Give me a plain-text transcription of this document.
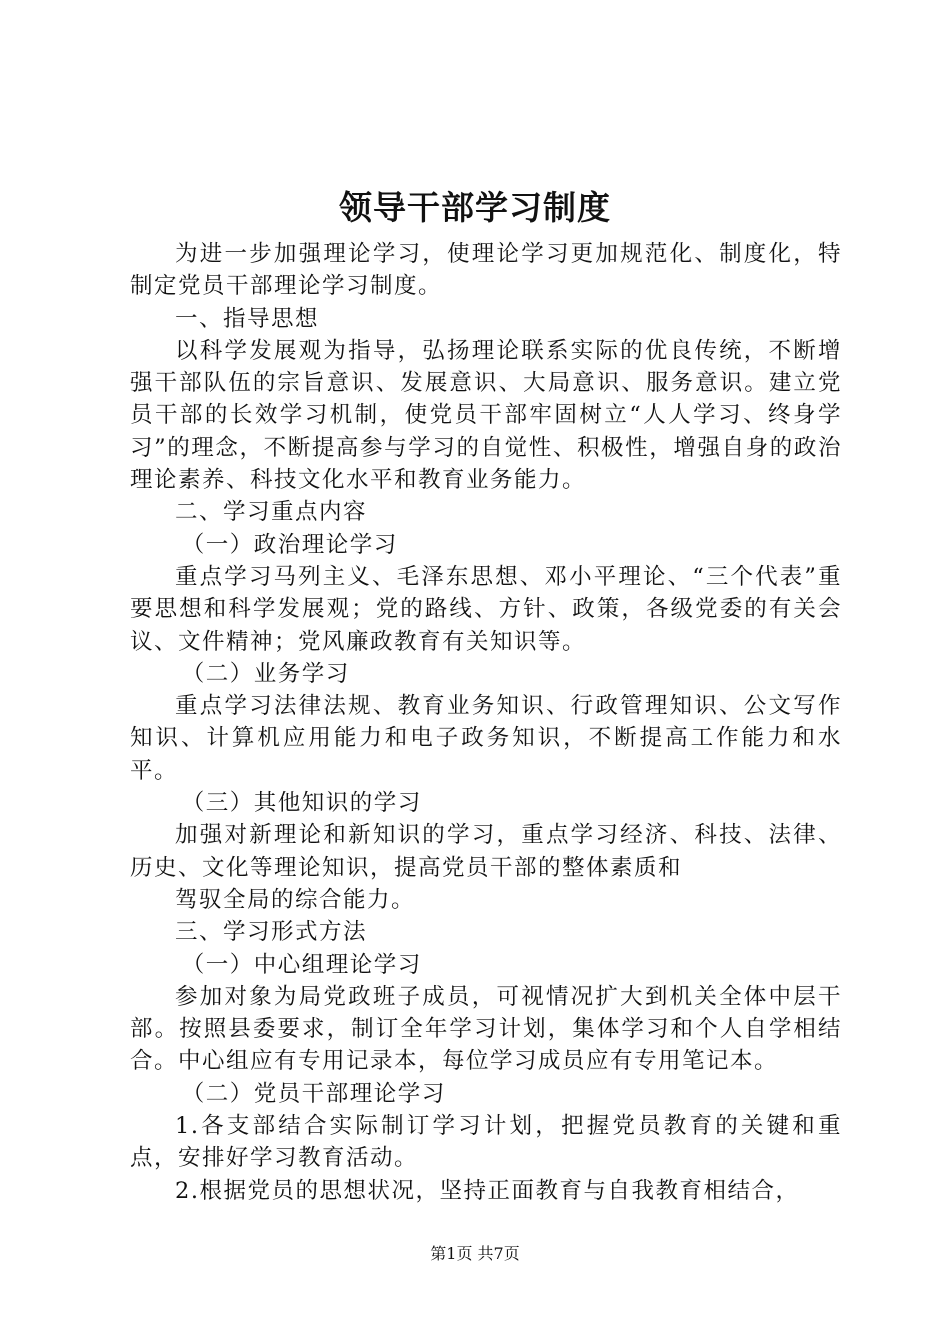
领导干部学习制度

为进一步加强理论学习，使理论学习更加规范化、制度化，特制定党员干部理论学习制度。

一、指导思想

以科学发展观为指导，弘扬理论联系实际的优良传统，不断增强干部队伍的宗旨意识、发展意识、大局意识、服务意识。建立党员干部的长效学习机制，使党员干部牢固树立“人人学习、终身学习”的理念，不断提高参与学习的自觉性、积极性，增强自身的政治理论素养、科技文化水平和教育业务能力。

二、学习重点内容

（一）政治理论学习

重点学习马列主义、毛泽东思想、邓小平理论、“三个代表”重要思想和科学发展观；党的路线、方针、政策，各级党委的有关会议、文件精神；党风廉政教育有关知识等。

（二）业务学习

重点学习法律法规、教育业务知识、行政管理知识、公文写作知识、计算机应用能力和电子政务知识，不断提高工作能力和水平。

（三）其他知识的学习

加强对新理论和新知识的学习，重点学习经济、科技、法律、历史、文化等理论知识，提高党员干部的整体素质和

驾驭全局的综合能力。

三、学习形式方法

（一）中心组理论学习

参加对象为局党政班子成员，可视情况扩大到机关全体中层干部。按照县委要求，制订全年学习计划，集体学习和个人自学相结合。中心组应有专用记录本，每位学习成员应有专用笔记本。

（二）党员干部理论学习

1.各支部结合实际制订学习计划，把握党员教育的关键和重点，安排好学习教育活动。

2.根据党员的思想状况，坚持正面教育与自我教育相结合，

第1页 共7页
